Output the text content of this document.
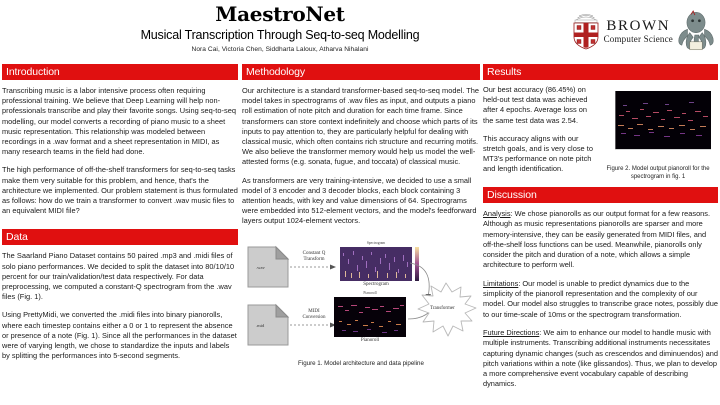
MaestroNet
Musical Transcription Through Seq-to-seq Modelling
Nora Cai, Victoria Chen, Siddharta Laloux, Atharva Nihalani
BROWN
Computer Science
Introduction

Transcribing music is a labor intensive process often requiring professional training. We believe that Deep Learning will help non-professionals transcribe and play their favorite songs. Using seq-to-seq modelling, our model converts a recording of piano music to a sheet music representation. This relationship was modeled between recordings in a .wav format and a sheet representation in MIDI, as many research teams in the field had done.

The high performance of off-the-shelf transformers for seq-to-seq tasks make them very suitable for this problem, and hence, that's the architecture we implemented. Our problem statement is thus formulated as follows: how do we train a transformer to convert .wav music files to an equivalent MIDI file?

Data

The Saarland Piano Dataset contains 50 paired .mp3 and .midi files of solo piano performances. We decided to split the dataset into 80/10/10 percent for our train/validation/test data respectively. For data preprocessing, we computed a constant-Q spectrogram from the .wav files (Fig. 1).

Using PrettyMidi, we converted the .midi files into binary pianorolls, where each timestep contains either a 0 or 1 to represent the absence or presence of a note (Fig. 1). Since all the performances in the dataset were of varying length, we chose to standardize the inputs and labels by splitting the performances into 5-second segments.

Methodology

Our architecture is a standard transformer-based seq-to-seq model. The model takes in spectrograms of .wav files as input, and outputs a piano roll estimation of note pitch and duration for each time frame. Since transformers can store context indefinitely and choose which parts of its inputs to pay attention to, they are particularly helpful for dealing with classical music, which often contains rich structure and recurring motifs. We also believe the transformer memory would help us model the well-attested forms (e.g. sonata, fugue, and toccata) of classical music.

As transformers are very training-intensive, we decided to use a small model of 3 encoder and 3 decoder blocks, each block containing 3 attention heads, with key and value dimensions of 64. Spectrograms were embedded into 512-element vectors, and the model's feedforward layers output 1024-element vectors.

.wav
.mid
Constant Q
Transform
MIDI
Conversion
Spectrogram
Spectrogram
Pianoroll
Pianoroll
Transformer
Figure 1. Model architecture and data pipeline
Results

Our best accuracy (86.45%) on held-out test data was achieved after 4 epochs. Average loss on the same test data was 2.54.

This accuracy aligns with our stretch goals, and is very close to MT3's performance on note pitch and length identification.	Figure 2. Model output pianoroll for the spectrogram in fig. 1
Discussion

Analysis: We chose pianorolls as our output format for a few reasons. Although as music representations pianorolls are sparser and more memory-intensive, they can be easily generated from MIDI files, and off-the-shelf loss functions can be used. Meanwhile, pianorolls only consider the pitch and duration of a note, which allows a simple architecture to perform well.

Limitations: Our model is unable to predict dynamics due to the simplicity of the pianoroll representation and the complexity of our model. Our model also struggles to transcribe grace notes, possibly due to our time-scale of 10ms or the spectrogram transformation.

Future Directions: We aim to enhance our model to handle music with multiple instruments. Transcribing additional instruments necessitates capturing dynamic changes (such as crescendos and diminuendos) and pitch variations within a note (like glissandos). Thus, we plan to develop a more comprehensive event vocabulary capable of describing dynamics.
